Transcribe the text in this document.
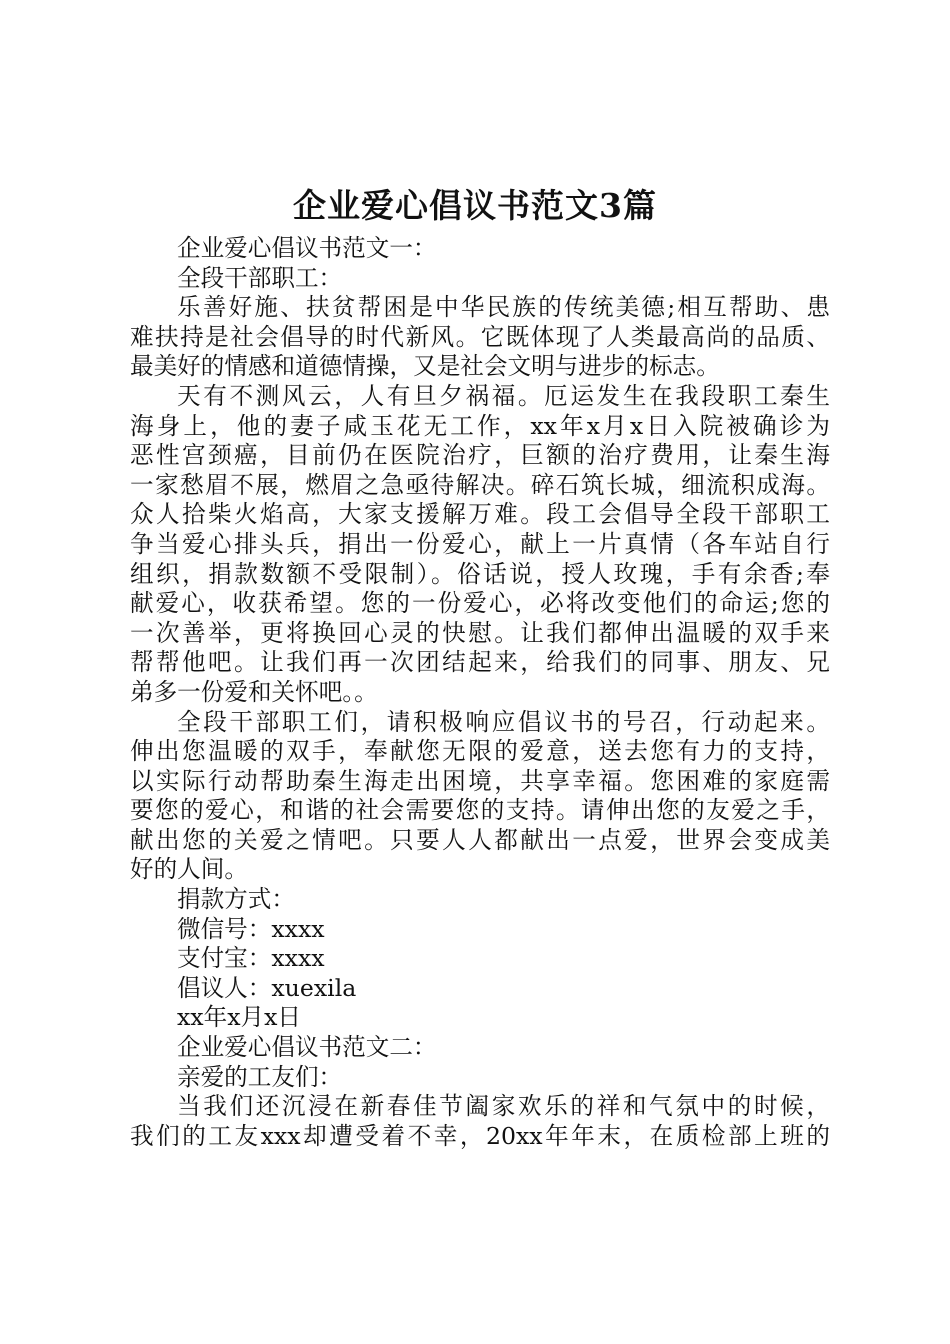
企业爱心倡议书范文3篇
企业爱心倡议书范文一：
全段干部职工：
乐善好施、扶贫帮困是中华民族的传统美德;相互帮助、患
难扶持是社会倡导的时代新风。它既体现了人类最高尚的品质、
最美好的情感和道德情操，又是社会文明与进步的标志。
天有不测风云，人有旦夕祸福。厄运发生在我段职工秦生
海身上，他的妻子咸玉花无工作，xx年x月x日入院被确诊为
恶性宫颈癌，目前仍在医院治疗，巨额的治疗费用，让秦生海
一家愁眉不展，燃眉之急亟待解决。碎石筑长城，细流积成海。
众人拾柴火焰高，大家支援解万难。段工会倡导全段干部职工
争当爱心排头兵，捐出一份爱心，献上一片真情（各车站自行
组织，捐款数额不受限制）。俗话说，授人玫瑰，手有余香;奉
献爱心，收获希望。您的一份爱心，必将改变他们的命运;您的
一次善举，更将换回心灵的快慰。让我们都伸出温暖的双手来
帮帮他吧。让我们再一次团结起来，给我们的同事、朋友、兄
弟多一份爱和关怀吧。。
全段干部职工们，请积极响应倡议书的号召，行动起来。
伸出您温暖的双手，奉献您无限的爱意，送去您有力的支持，
以实际行动帮助秦生海走出困境，共享幸福。您困难的家庭需
要您的爱心，和谐的社会需要您的支持。请伸出您的友爱之手，
献出您的关爱之情吧。只要人人都献出一点爱，世界会变成美
好的人间。
捐款方式：
微信号：xxxx
支付宝：xxxx
倡议人：xuexila
xx年x月x日
企业爱心倡议书范文二：
亲爱的工友们：
当我们还沉浸在新春佳节阖家欢乐的祥和气氛中的时候，
我们的工友xxx却遭受着不幸，20xx年年末，在质检部上班的
